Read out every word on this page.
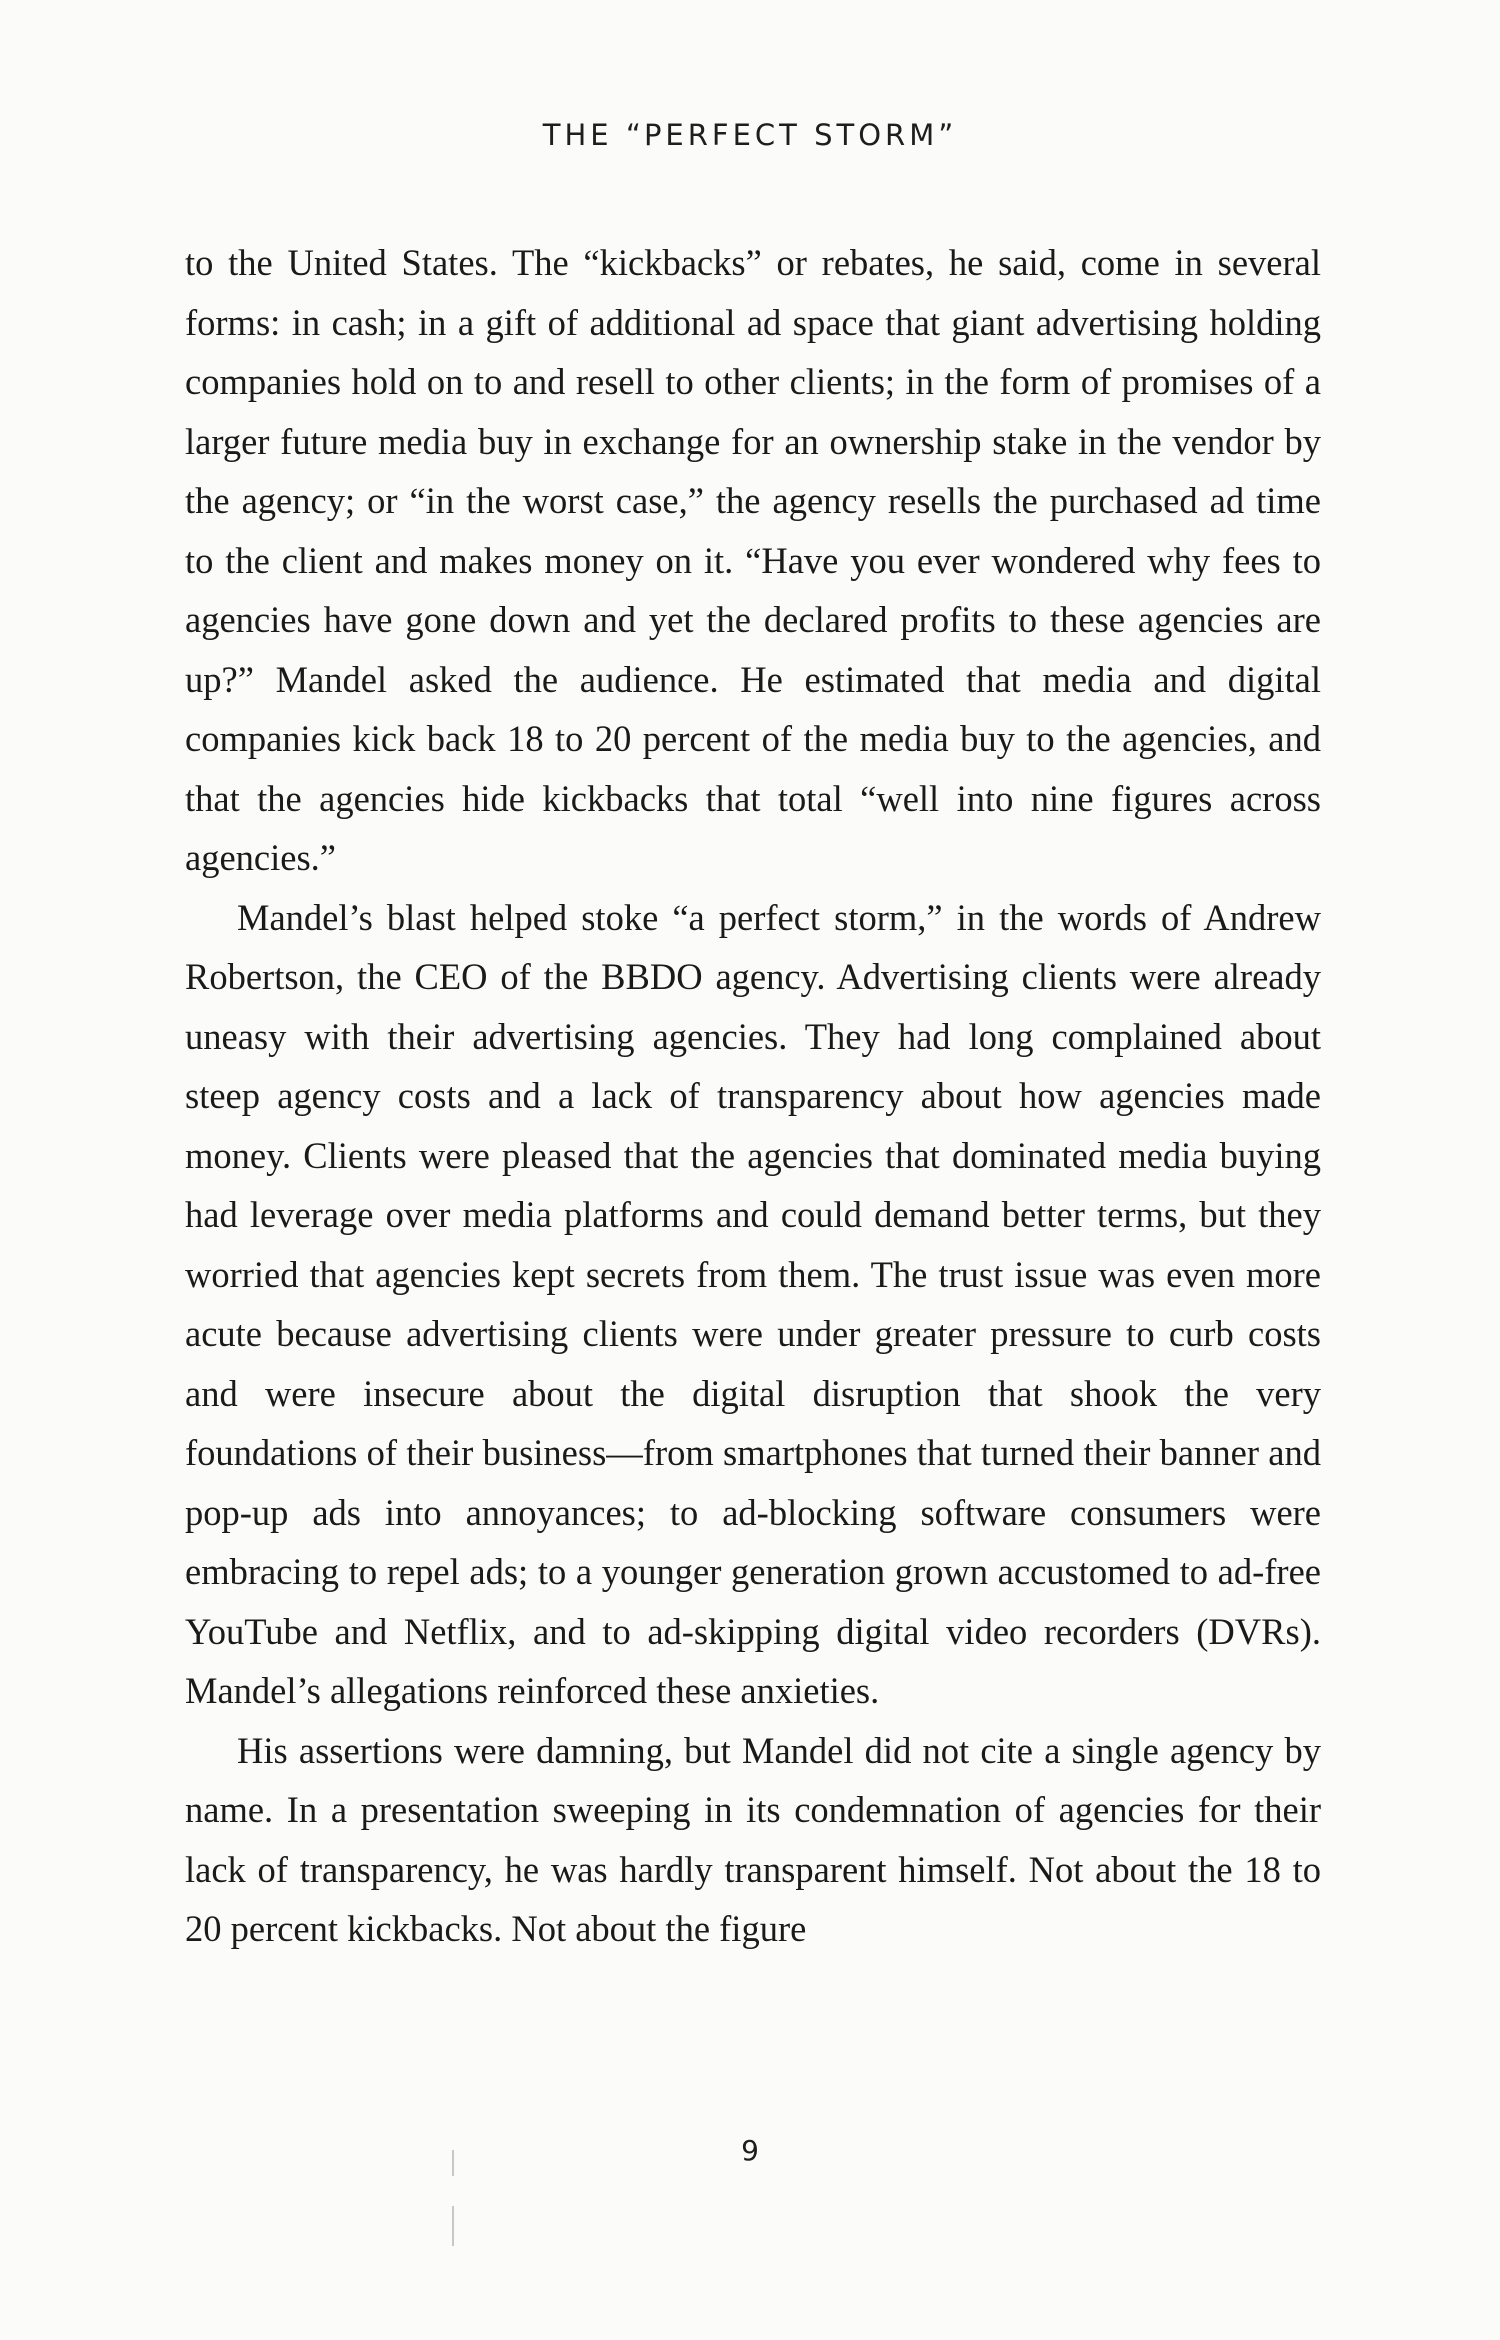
THE “PERFECT STORM”

to the United States. The “kickbacks” or rebates, he said, come in several forms: in cash; in a gift of additional ad space that giant advertising holding companies hold on to and resell to other clients; in the form of promises of a larger future media buy in exchange for an ownership stake in the vendor by the agency; or “in the worst case,” the agency resells the purchased ad time to the client and makes money on it. “Have you ever wondered why fees to agencies have gone down and yet the declared profits to these agencies are up?” Mandel asked the audience. He estimated that media and digital companies kick back 18 to 20 percent of the media buy to the agencies, and that the agencies hide kickbacks that total “well into nine figures across agencies.”

Mandel’s blast helped stoke “a perfect storm,” in the words of Andrew Robertson, the CEO of the BBDO agency. Advertising clients were already uneasy with their advertising agencies. They had long complained about steep agency costs and a lack of transparency about how agencies made money. Clients were pleased that the agencies that dominated media buying had leverage over media platforms and could demand better terms, but they worried that agencies kept secrets from them. The trust issue was even more acute because advertising clients were under greater pressure to curb costs and were insecure about the digital disruption that shook the very foundations of their business—from smartphones that turned their banner and pop-up ads into annoyances; to ad-blocking software consumers were embracing to repel ads; to a younger generation grown accustomed to ad-free YouTube and Netflix, and to ad-skipping digital video recorders (DVRs). Mandel’s allegations reinforced these anxieties.

His assertions were damning, but Mandel did not cite a single agency by name. In a presentation sweeping in its condemnation of agencies for their lack of transparency, he was hardly transparent himself. Not about the 18 to 20 percent kickbacks. Not about the figure

9
